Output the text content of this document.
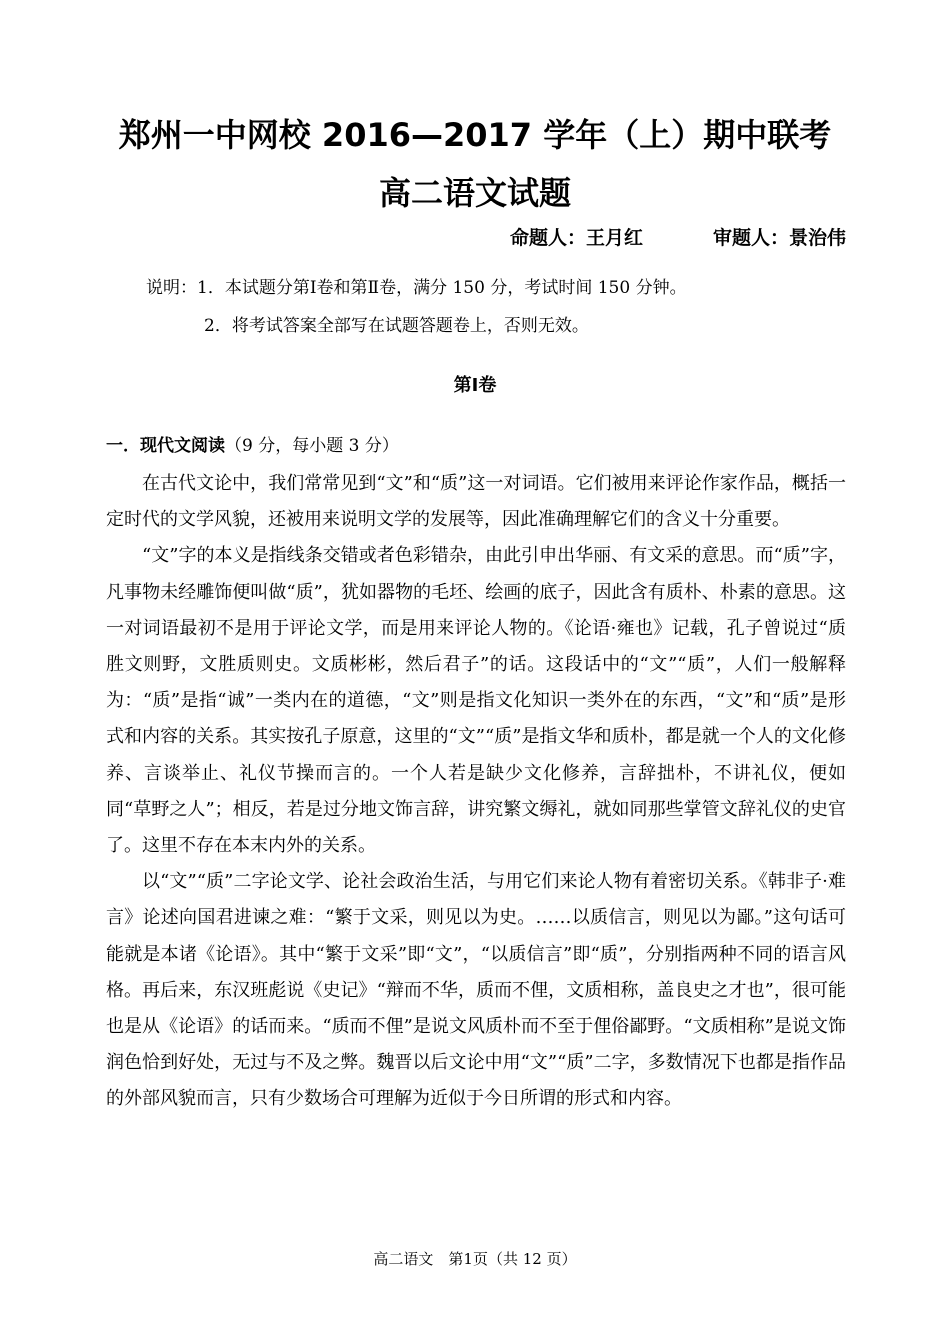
郑州一中网校 2016—2017 学年（上）期中联考
高二语文试题
命题人：王月红	审题人：景治伟
说明：1．本试题分第Ⅰ卷和第Ⅱ卷，满分 150 分，考试时间 150 分钟。
2．将考试答案全部写在试题答题卷上，否则无效。
第Ⅰ卷
一．现代文阅读（9 分，每小题 3 分）

在古代文论中，我们常常见到“文”和“质”这一对词语。它们被用来评论作家作品，概括一定时代的文学风貌，还被用来说明文学的发展等，因此准确理解它们的含义十分重要。

“文”字的本义是指线条交错或者色彩错杂，由此引申出华丽、有文采的意思。而“质”字，凡事物未经雕饰便叫做“质”，犹如器物的毛坯、绘画的底子，因此含有质朴、朴素的意思。这一对词语最初不是用于评论文学，而是用来评论人物的。《论语·雍也》记载，孔子曾说过“质胜文则野，文胜质则史。文质彬彬，然后君子”的话。这段话中的“文”“质”，人们一般解释为：“质”是指“诚”一类内在的道德，“文”则是指文化知识一类外在的东西，“文”和“质”是形式和内容的关系。其实按孔子原意，这里的“文”“质”是指文华和质朴，都是就一个人的文化修养、言谈举止、礼仪节操而言的。一个人若是缺少文化修养，言辞拙朴，不讲礼仪，便如同“草野之人”；相反，若是过分地文饰言辞，讲究繁文缛礼，就如同那些掌管文辞礼仪的史官了。这里不存在本末内外的关系。

以“文”“质”二字论文学、论社会政治生活，与用它们来论人物有着密切关系。《韩非子·难言》论述向国君进谏之难：“繁于文采，则见以为史。……以质信言，则见以为鄙。”这句话可能就是本诸《论语》。其中“繁于文采”即“文”，“以质信言”即“质”，分别指两种不同的语言风格。再后来，东汉班彪说《史记》“辩而不华，质而不俚，文质相称，盖良史之才也”，很可能也是从《论语》的话而来。“质而不俚”是说文风质朴而不至于俚俗鄙野。“文质相称”是说文饰润色恰到好处，无过与不及之弊。魏晋以后文论中用“文”“质”二字，多数情况下也都是指作品的外部风貌而言，只有少数场合可理解为近似于今日所谓的形式和内容。

高二语文　第1页（共 12 页）
